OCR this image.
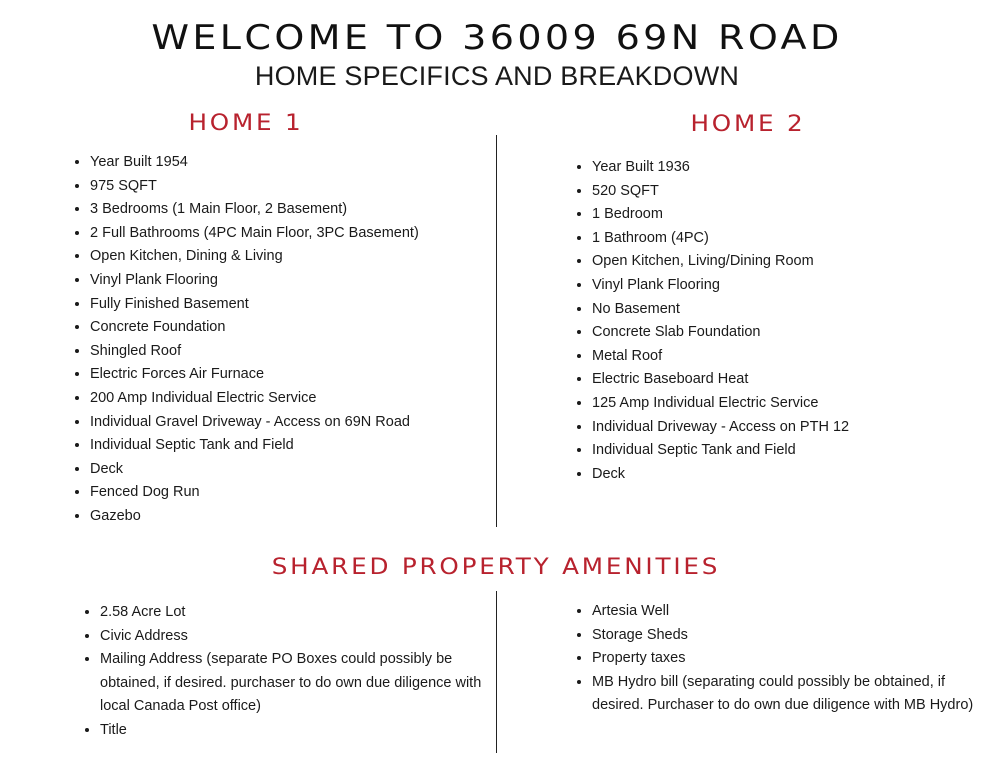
WELCOME TO 36009 69N ROAD
HOME SPECIFICS AND BREAKDOWN
HOME 1	HOME 2
• Year Built 1954
• 975 SQFT
• 3 Bedrooms (1 Main Floor, 2 Basement)
• 2 Full Bathrooms (4PC Main Floor, 3PC Basement)
• Open Kitchen, Dining & Living
• Vinyl Plank Flooring
• Fully Finished Basement
• Concrete Foundation
• Shingled Roof
• Electric Forces Air Furnace
• 200 Amp Individual Electric Service
• Individual Gravel Driveway - Access on 69N Road
• Individual Septic Tank and Field
• Deck
• Fenced Dog Run
• Gazebo
• Year Built 1936
• 520 SQFT
• 1 Bedroom
• 1 Bathroom (4PC)
• Open Kitchen, Living/Dining Room
• Vinyl Plank Flooring
• No Basement
• Concrete Slab Foundation
• Metal Roof
• Electric Baseboard Heat
• 125 Amp Individual Electric Service
• Individual Driveway - Access on PTH 12
• Individual Septic Tank and Field
• Deck
SHARED PROPERTY AMENITIES
• 2.58 Acre Lot
• Civic Address
• Mailing Address (separate PO Boxes could possibly be obtained, if desired. purchaser to do own due diligence with local Canada Post office)
• Title
• Artesia Well
• Storage Sheds
• Property taxes
• MB Hydro bill (separating could possibly be obtained, if desired. Purchaser to do own due diligence with MB Hydro)
